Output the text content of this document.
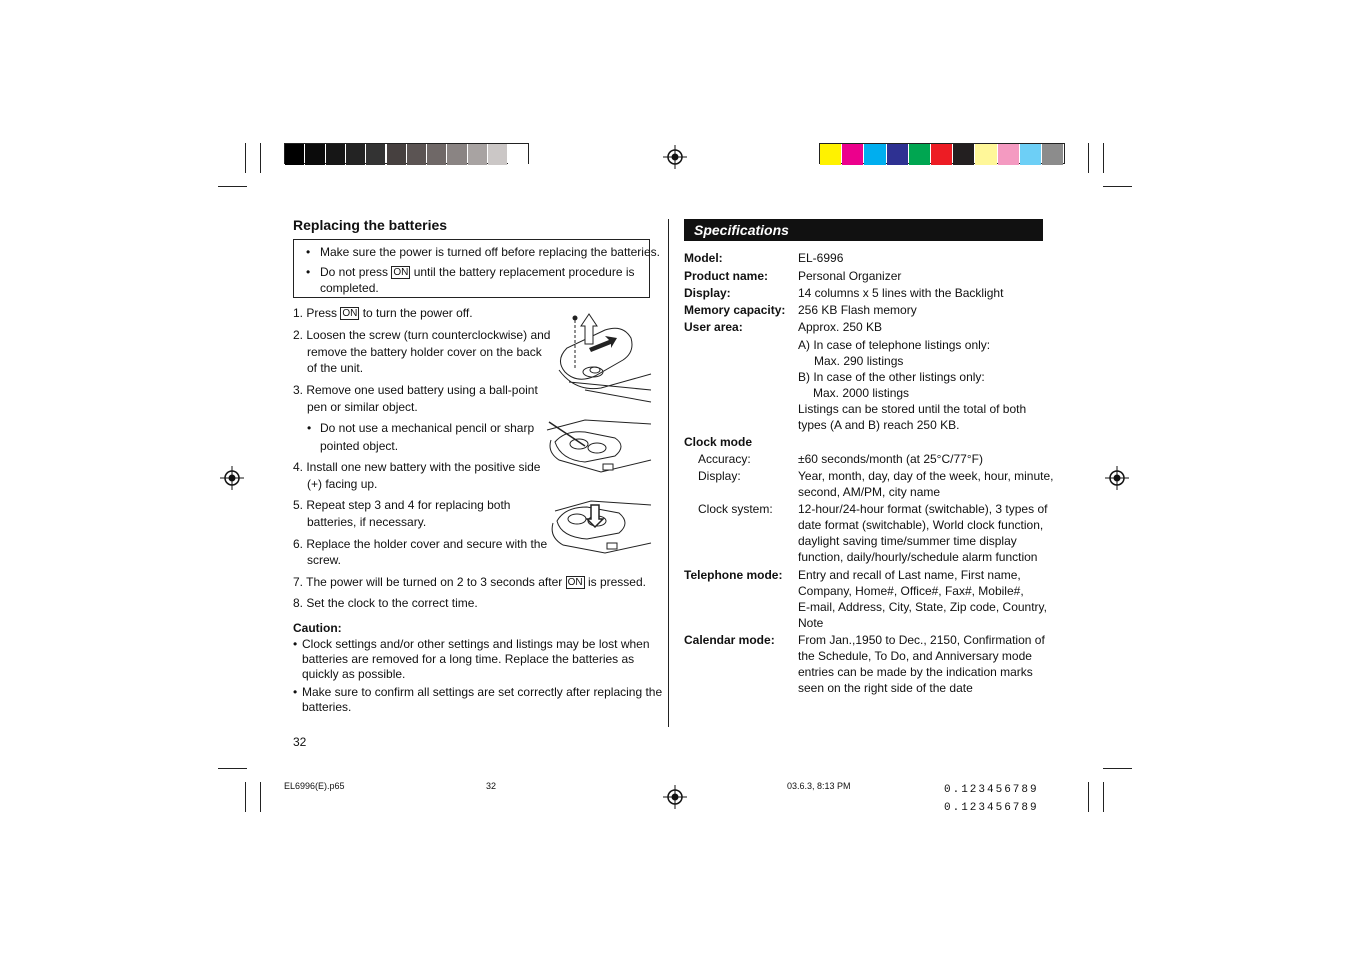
Replacing the batteries
• Make sure the power is turned off before replacing the batteries.
• Do not press ON until the battery replacement procedure is
completed.
1. Press ON to turn the power off.
2. Loosen the screw (turn counterclockwise) and
remove the battery holder cover on the back
of the unit.
3. Remove one used battery using a ball-point
pen or similar object.
• Do not use a mechanical pencil or sharp
pointed object.
4. Install one new battery with the positive side
(+) facing up.
5. Repeat step 3 and 4 for replacing both
batteries, if necessary.
6. Replace the holder cover and secure with the
screw.
7. The power will be turned on 2 to 3 seconds after ON is pressed.
8. Set the clock to the correct time.
Caution:
• Clock settings and/or other settings and listings may be lost when
batteries are removed for a long time. Replace the batteries as
quickly as possible.
• Make sure to confirm all settings are set correctly after replacing the
batteries.
32
Specifications
Model:	EL-6996
Product name: Personal Organizer
Display:	14 columns x 5 lines with the Backlight
Memory capacity: 256 KB Flash memory
User area:	Approx. 250 KB
A) In case of telephone listings only:
Max. 290 listings
B) In case of the other listings only:
Max. 2000 listings
Listings can be stored until the total of both
types (A and B) reach 250 KB.
Clock mode
Accuracy:	±60 seconds/month (at 25°C/77°F)
Display:	Year, month, day, day of the week, hour, minute,
second, AM/PM, city name
Clock system: 12-hour/24-hour format (switchable), 3 types of
date format (switchable), World clock function,
daylight saving time/summer time display
function, daily/hourly/schedule alarm function
Telephone mode: Entry and recall of Last name, First name,
Company, Home#, Office#, Fax#, Mobile#,
E-mail, Address, City, State, Zip code, Country,
Note
Calendar mode: From Jan.,1950 to Dec., 2150, Confirmation of
the Schedule, To Do, and Anniversary mode
entries can be made by the indication marks
seen on the right side of the date
EL6996(E).p65	32	03.6.3, 8:13 PM	0.123456789
0.123456789
